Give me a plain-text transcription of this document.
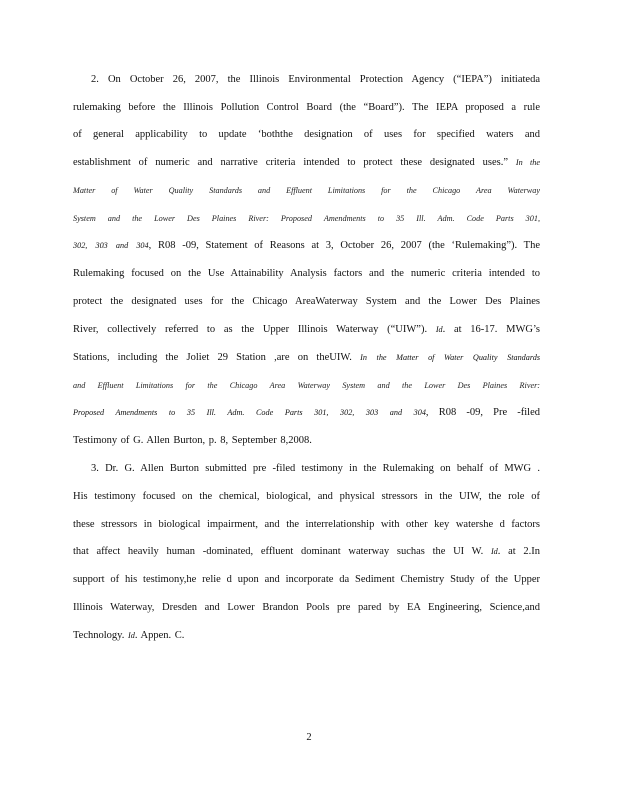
2. On October 26, 2007, the Illinois Environmental Protection Agency (“IEPA”) initiateda
rulemaking before the Illinois Pollution Control Board (the “Board”). The IEPA proposed a rule
of general applicability to update ‘boththe designation of uses for specified waters and
establishment of numeric and narrative criteria intended to protect these designated uses.” In the
Matter of Water Quality Standards and Effluent Limitations for the Chicago Area Waterway
System and the Lower Des Plaines River: Proposed Amendments to 35 Ill. Adm. Code Parts 301,
302, 303 and 304, R08 -09, Statement of Reasons at 3, October 26, 2007 (the ‘Rulemaking”). The
Rulemaking focused on the Use Attainability Analysis factors and the numeric criteria intended to
protect the designated uses for the Chicago AreaWaterway System and the Lower Des Plaines
River, collectively referred to as the Upper Illinois Waterway (“UIW”). Id. at 16-17. MWG’s
Stations, including the Joliet 29 Station ,are on theUIW. In the Matter of Water Quality Standards
and Effluent Limitations for the Chicago Area Waterway System and the Lower Des Plaines River:
Proposed Amendments to 35 Ill. Adm. Code Parts 301, 302, 303 and 304, R08 -09, Pre -filed
Testimony of G. Allen Burton, p. 8, September 8,2008.
3. Dr. G. Allen Burton submitted pre -filed testimony in the Rulemaking on behalf of MWG .
His testimony focused on the chemical, biological, and physical stressors in the UIW, the role of
these stressors in biological impairment, and the interrelationship with other key watershe d factors
that affect heavily human -dominated, effluent dominant waterway suchas the UI W. Id. at 2.In
support of his testimony,he relie d upon and incorporate da Sediment Chemistry Study of the Upper
Illinois Waterway, Dresden and Lower Brandon Pools pre pared by EA Engineering, Science,and
Technology. Id. Appen. C.
2
